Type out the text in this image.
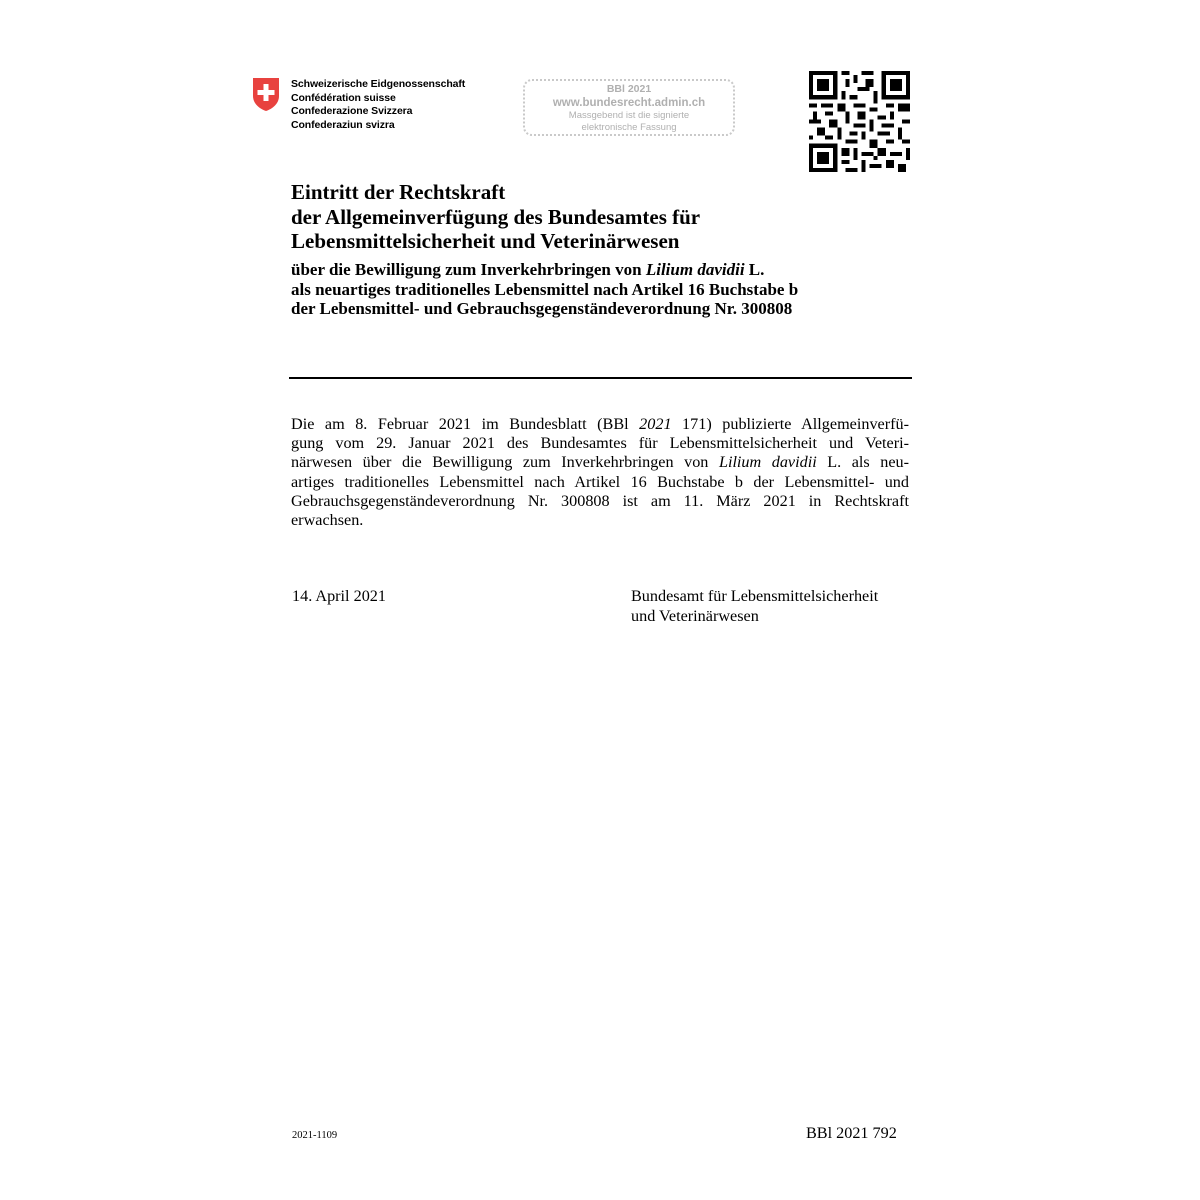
Schweizerische Eidgenossenschaft
Confédération suisse
Confederazione Svizzera
Confederaziun svizra
BBl 2021
www.bundesrecht.admin.ch
Massgebend ist die signierte
elektronische Fassung
Eintritt der Rechtskraft
der Allgemeinverfügung des Bundesamtes für
Lebensmittelsicherheit und Veterinärwesen
über die Bewilligung zum Inverkehrbringen von Lilium davidii L.
als neuartiges traditionelles Lebensmittel nach Artikel 16 Buchstabe b
der Lebensmittel- und Gebrauchsgegenständeverordnung Nr. 300808
Die am 8. Februar 2021 im Bundesblatt (BBl 2021 171) publizierte Allgemeinverfü-
gung vom 29. Januar 2021 des Bundesamtes für Lebensmittelsicherheit und Veteri-
närwesen über die Bewilligung zum Inverkehrbringen von Lilium davidii L. als neu-
artiges traditionelles Lebensmittel nach Artikel 16 Buchstabe b der Lebensmittel- und
Gebrauchsgegenständeverordnung Nr. 300808 ist am 11. März 2021 in Rechtskraft
erwachsen.
14. April 2021	Bundesamt für Lebensmittelsicherheit
und Veterinärwesen
2021-1109	BBl 2021 792
